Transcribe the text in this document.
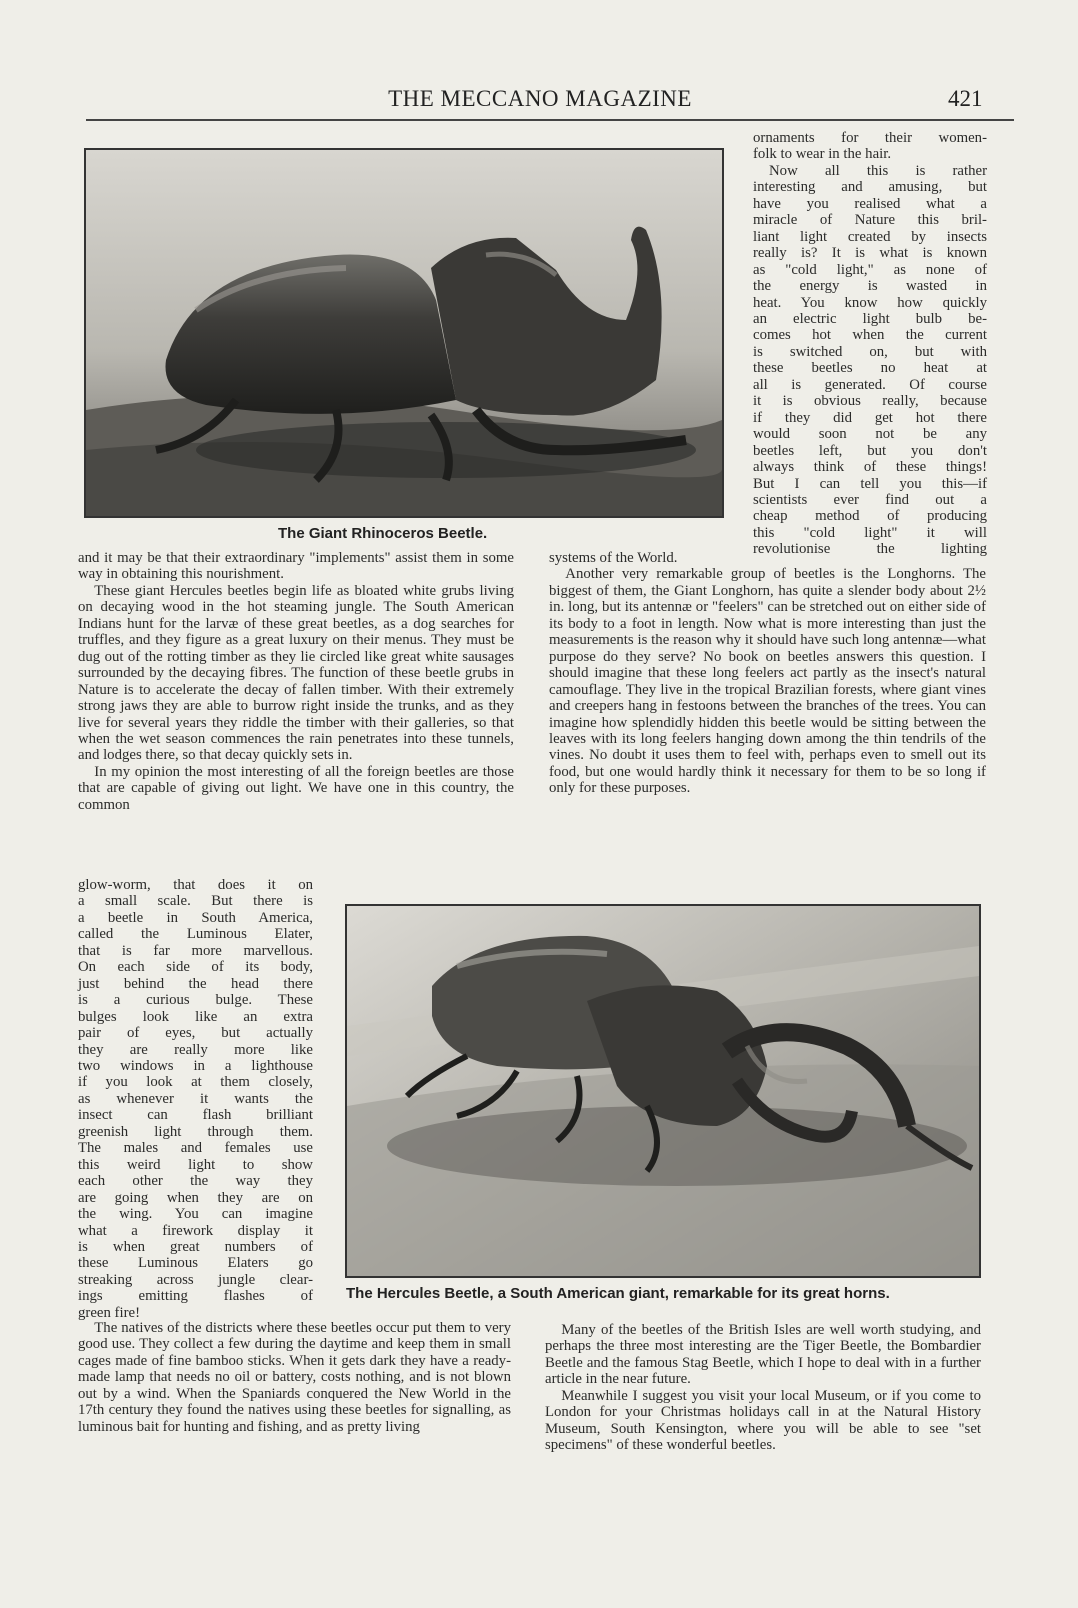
THE MECCANO MAGAZINE	421
The Giant Rhinoceros Beetle.
ornaments for their women-
folk to wear in the hair.
Now all this is rather
interesting and amusing, but
have you realised what a
miracle of Nature this bril-
liant light created by insects
really is? It is what is known
as "cold light," as none of
the energy is wasted in
heat. You know how quickly
an electric light bulb be-
comes hot when the current
is switched on, but with
these beetles no heat at
all is generated. Of course
it is obvious really, because
if they did get hot there
would soon not be any
beetles left, but you don't
always think of these things!
But I can tell you this—if
scientists ever find out a
cheap method of producing
this "cold light" it will
revolutionise the lighting

and it may be that their extraordinary "implements" assist them in some way in obtaining this nourishment.

These giant Hercules beetles begin life as bloated white grubs living on decaying wood in the hot steaming jungle. The South American Indians hunt for the larvæ of these great beetles, as a dog searches for truffles, and they figure as a great luxury on their menus. They must be dug out of the rotting timber as they lie circled like great white sausages surrounded by the decaying fibres. The function of these beetle grubs in Nature is to accelerate the decay of fallen timber. With their extremely strong jaws they are able to burrow right inside the trunks, and as they live for several years they riddle the timber with their galleries, so that when the wet season commences the rain penetrates into these tunnels, and lodges there, so that decay quickly sets in.

In my opinion the most interesting of all the foreign beetles are those that are capable of giving out light. We have one in this country, the common

glow-worm, that does it on
a small scale. But there is
a beetle in South America,
called the Luminous Elater,
that is far more marvellous.
On each side of its body,
just behind the head there
is a curious bulge. These
bulges look like an extra
pair of eyes, but actually
they are really more like
two windows in a lighthouse
if you look at them closely,
as whenever it wants the
insect can flash brilliant
greenish light through them.
The males and females use
this weird light to show
each other the way they
are going when they are on
the wing. You can imagine
what a firework display it
is when great numbers of
these Luminous Elaters go
streaking across jungle clear-
ings emitting flashes of
green fire!

systems of the World.

Another very remarkable group of beetles is the Longhorns. The biggest of them, the Giant Longhorn, has quite a slender body about 2½ in. long, but its antennæ or "feelers" can be stretched out on either side of its body to a foot in length. Now what is more interesting than just the measurements is the reason why it should have such long antennæ—what purpose do they serve? No book on beetles answers this question. I should imagine that these long feelers act partly as the insect's natural camouflage. They live in the tropical Brazilian forests, where giant vines and creepers hang in festoons between the branches of the trees. You can imagine how splendidly hidden this beetle would be sitting between the leaves with its long feelers hanging down among the thin tendrils of the vines. No doubt it uses them to feel with, perhaps even to smell out its food, but one would hardly think it necessary for them to be so long if only for these purposes.

The Hercules Beetle, a South American giant, remarkable for its great horns.

The natives of the districts where these beetles occur put them to very good use. They collect a few during the daytime and keep them in small cages made of fine bamboo sticks. When it gets dark they have a ready-made lamp that needs no oil or battery, costs nothing, and is not blown out by a wind. When the Spaniards conquered the New World in the 17th century they found the natives using these beetles for signalling, as luminous bait for hunting and fishing, and as pretty living

Many of the beetles of the British Isles are well worth studying, and perhaps the three most interesting are the Tiger Beetle, the Bombardier Beetle and the famous Stag Beetle, which I hope to deal with in a further article in the near future.

Meanwhile I suggest you visit your local Museum, or if you come to London for your Christmas holidays call in at the Natural History Museum, South Kensington, where you will be able to see "set specimens" of these wonderful beetles.
